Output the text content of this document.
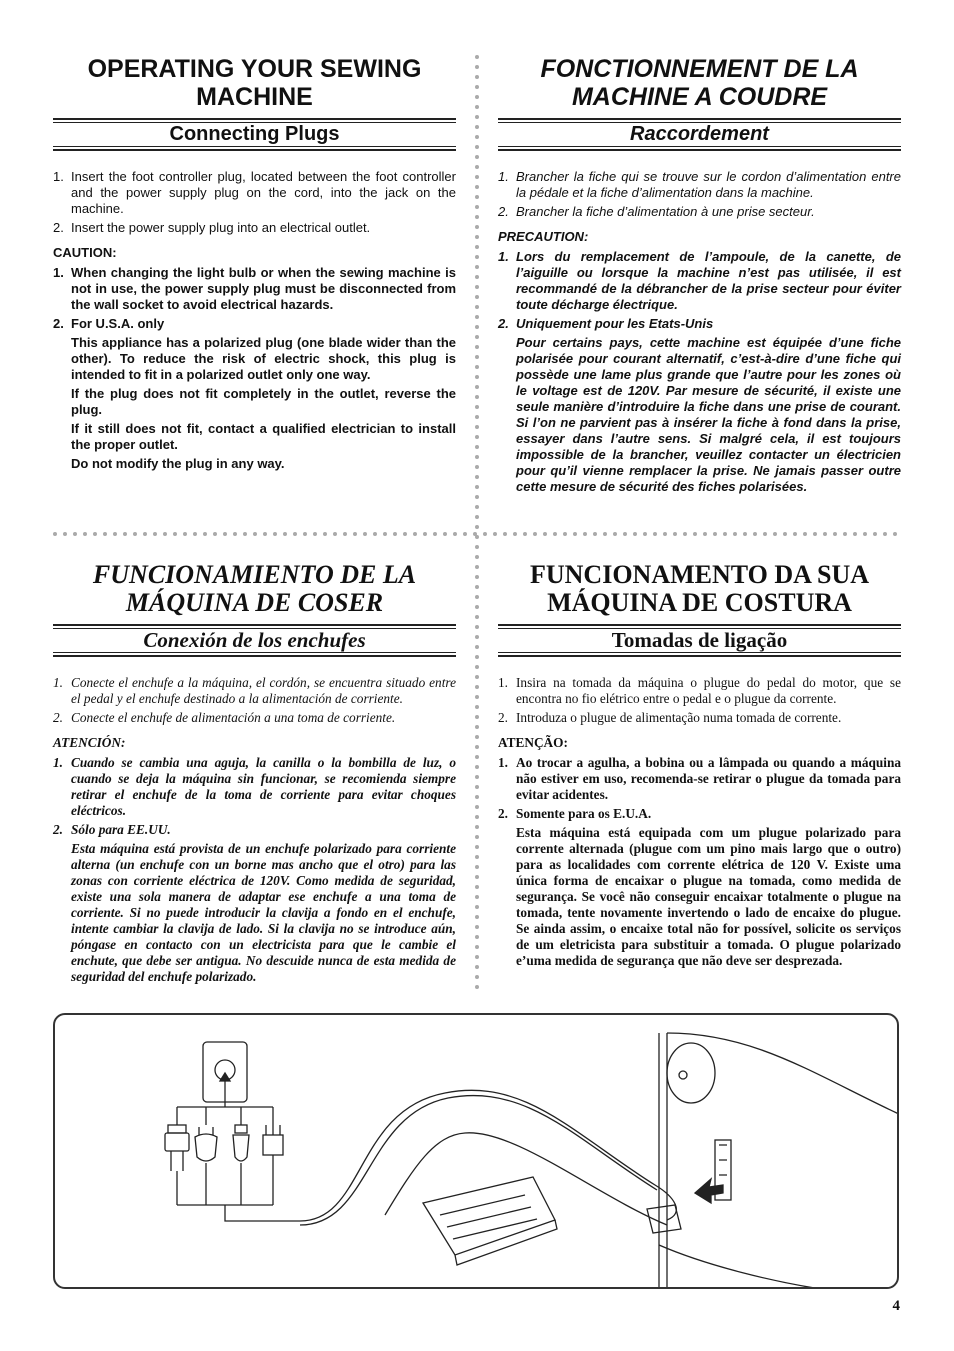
OPERATING YOUR SEWING MACHINE
Connecting Plugs
1. Insert the foot controller plug, located between the foot controller and the power supply plug on the cord, into the jack on the machine.
2. Insert the power supply plug into an electrical outlet.
CAUTION:
1. When changing the light bulb or when the sewing machine is not in use, the power supply plug must be disconnected from the wall socket to avoid electrical hazards.
2. For U.S.A. only
This appliance has a polarized plug (one blade wider than the other). To reduce the risk of electric shock, this plug is intended to fit in a polarized outlet only one way.
If the plug does not fit completely in the outlet, reverse the plug.
If it still does not fit, contact a qualified electrician to install the proper outlet.
Do not modify the plug in any way.
FONCTIONNEMENT DE LA MACHINE A COUDRE
Raccordement
1. Brancher la fiche qui se trouve sur le cordon d’alimentation entre la pédale et la fiche d’alimentation dans la machine.
2. Brancher la fiche d’alimentation à une prise secteur.
PRECAUTION:
1. Lors du remplacement de l’ampoule, de la canette, de l’aiguille ou lorsque la machine n’est pas utilisée, il est recommandé de la débrancher de la prise secteur pour éviter toute décharge électrique.
2. Uniquement pour les Etats-Unis
Pour certains pays, cette machine est équipée d’une fiche polarisée pour courant alternatif, c’est-à-dire d’une fiche qui possède une lame plus grande que l’autre pour les zones où le voltage est de 120V. Par mesure de sécurité, il existe une seule manière d’introduire la fiche dans une prise de courant. Si l’on ne parvient pas à insérer la fiche à fond dans la prise, essayer dans l’autre sens. Si malgré cela, il est toujours impossible de la brancher, veuillez contacter un électricien pour qu’il vienne remplacer la prise. Ne jamais passer outre cette mesure de sécurité des fiches polarisées.
FUNCIONAMIENTO DE LA MÁQUINA DE COSER
Conexión de los enchufes
1. Conecte el enchufe a la máquina, el cordón, se encuentra situado entre el pedal y el enchufe destinado a la alimentación de corriente.
2. Conecte el enchufe de alimentación a una toma de corriente.
ATENCIÓN:
1. Cuando se cambia una aguja, la canilla o la bombilla de luz, o cuando se deja la máquina sin funcionar, se recomienda siempre retirar el enchufe de la toma de corriente para evitar choques eléctricos.
2. Sólo para EE.UU.
Esta máquina está provista de un enchufe polarizado para corriente alterna (un enchufe con un borne mas ancho que el otro) para las zonas con corriente eléctrica de 120V. Como medida de seguridad, existe una sola manera de adaptar ese enchufe a una toma de corriente. Si no puede introducir la clavija a fondo en el enchufe, intente cambiar la clavija de lado. Si la clavija no se introduce aún, póngase en contacto con un electricista para que le cambie el enchute, que debe ser antigua. No descuide nunca de esta medida de seguridad del enchufe polarizado.
FUNCIONAMENTO DA SUA MÁQUINA DE COSTURA
Tomadas de ligação
1. Insira na tomada da máquina o plugue do pedal do motor, que se encontra no fio elétrico entre o pedal e o plugue da corrente.
2. Introduza o plugue de alimentação numa tomada de corrente.
ATENÇÃO:
1. Ao trocar a agulha, a bobina ou a lâmpada ou quando a máquina não estiver em uso, recomenda-se retirar o plugue da tomada para evitar acidentes.
2. Somente para os E.U.A.
Esta máquina está equipada com um plugue polarizado para corrente alternada (plugue com um pino mais largo que o outro) para as localidades com corrente elétrica de 120 V. Existe uma única forma de encaixar o plugue na tomada, como medida de segurança. Se você não conseguir encaixar totalmente o plugue na tomada, tente novamente invertendo o lado de encaixe do plugue. Se ainda assim, o encaixe total não for possível, solicite os serviços de um eletricista para substituir a tomada. O plugue polarizado e’uma medida de segurança que não deve ser desprezada.
4
